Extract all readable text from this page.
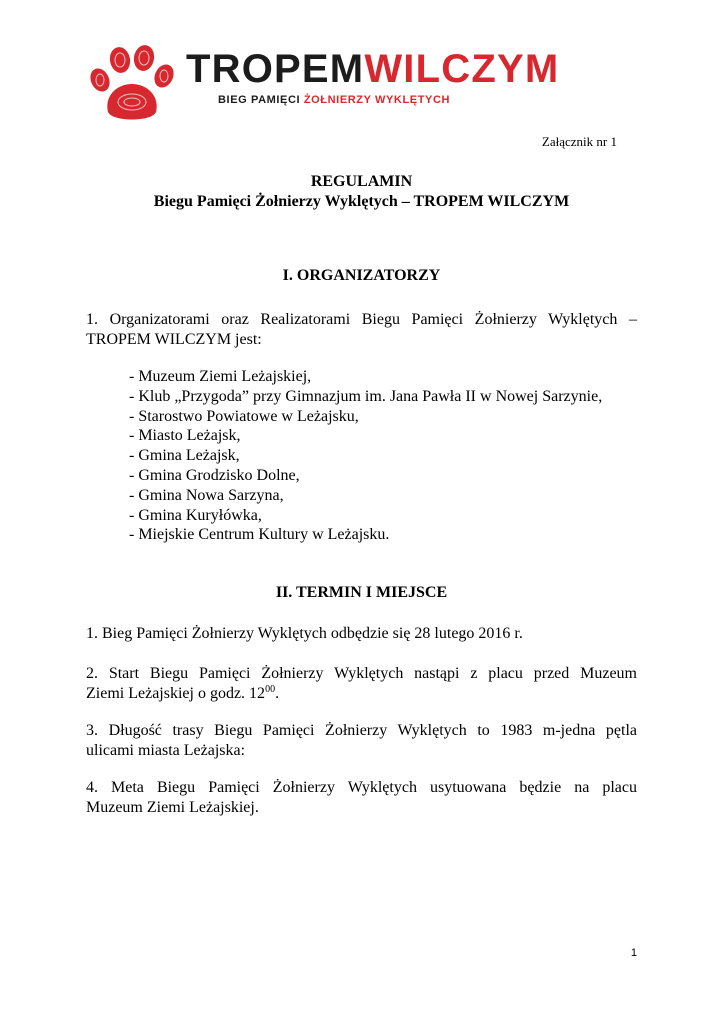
TROPEMWILCZYM
BIEG PAMIĘCI ŻOŁNIERZY WYKLĘTYCH
Załącznik nr 1
REGULAMIN
Biegu Pamięci Żołnierzy Wyklętych – TROPEM WILCZYM
I. ORGANIZATORZY
1. Organizatorami oraz Realizatorami Biegu Pamięci Żołnierzy Wyklętych –
TROPEM WILCZYM jest:
- Muzeum Ziemi Leżajskiej,
- Klub „Przygoda” przy Gimnazjum im. Jana Pawła II w Nowej Sarzynie,
- Starostwo Powiatowe w Leżajsku,
- Miasto Leżajsk,
- Gmina Leżajsk,
- Gmina Grodzisko Dolne,
- Gmina Nowa Sarzyna,
- Gmina Kuryłówka,
- Miejskie Centrum Kultury w Leżajsku.
II. TERMIN I MIEJSCE
1. Bieg Pamięci Żołnierzy Wyklętych odbędzie się 28 lutego 2016 r.
2. Start Biegu Pamięci Żołnierzy Wyklętych nastąpi z placu przed Muzeum
Ziemi Leżajskiej o godz. $12^{00}$.
3. Długość trasy Biegu Pamięci Żołnierzy Wyklętych to 1983 m-jedna pętla
ulicami miasta Leżajska:
4. Meta Biegu Pamięci Żołnierzy Wyklętych usytuowana będzie na placu
Muzeum Ziemi Leżajskiej.
1
